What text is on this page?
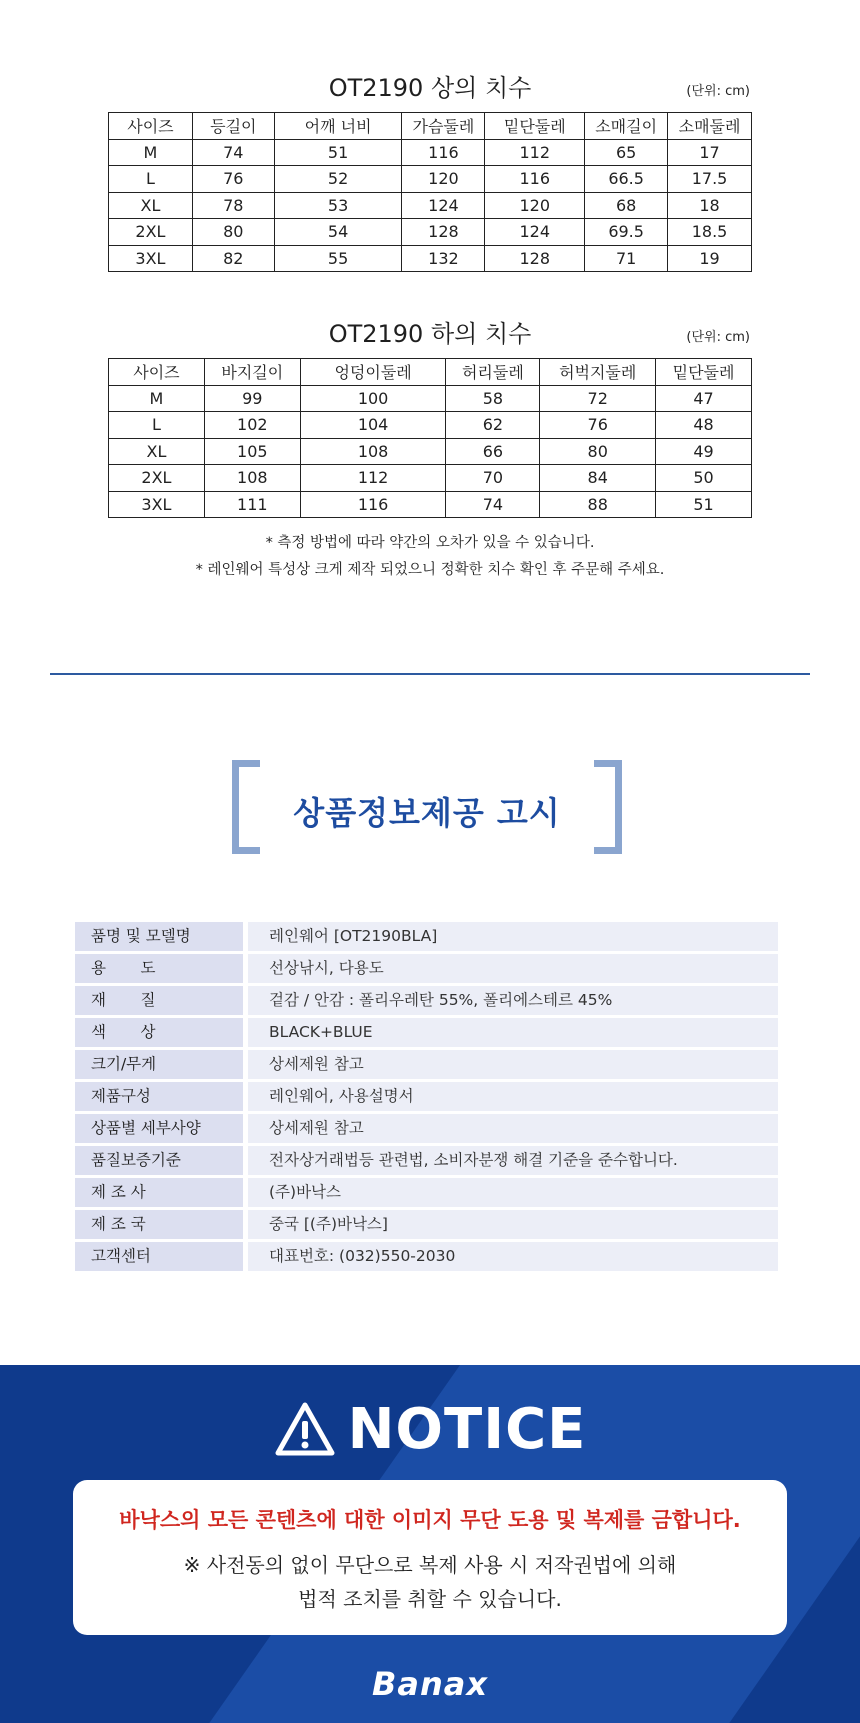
OT2190 상의 치수	(단위: cm)
사이즈	등길이	어깨 너비	가슴둘레	밑단둘레	소매길이	소매둘레
M	74	51	116	112	65	17
L	76	52	120	116	66.5	17.5
XL	78	53	124	120	68	18
2XL	80	54	128	124	69.5	18.5
3XL	82	55	132	128	71	19
OT2190 하의 치수	(단위: cm)
사이즈	바지길이	엉덩이둘레	허리둘레	허벅지둘레	밑단둘레
M	99	100	58	72	47
L	102	104	62	76	48
XL	105	108	66	80	49
2XL	108	112	70	84	50
3XL	111	116	74	88	51
* 측정 방법에 따라 약간의 오차가 있을 수 있습니다.
* 레인웨어 특성상 크게 제작 되었으니 정확한 치수 확인 후 주문해 주세요.
상품정보제공 고시
품명 및 모델명	레인웨어 [OT2190BLA]
용       도	선상낚시, 다용도
재       질	겉감 / 안감 : 폴리우레탄 55%, 폴리에스테르 45%
색       상	BLACK+BLUE
크기/무게	상세제원 참고
제품구성	레인웨어, 사용설명서
상품별 세부사양	상세제원 참고
품질보증기준	전자상거래법등 관련법, 소비자분쟁 해결 기준을 준수합니다.
제 조 사	(주)바낙스
제 조 국	중국 [(주)바낙스]
고객센터	대표번호: (032)550-2030
NOTICE
바낙스의 모든 콘텐츠에 대한 이미지 무단 도용 및 복제를 금합니다.
※ 사전동의 없이 무단으로 복제 사용 시 저작권법에 의해
법적 조치를 취할 수 있습니다.
Banax
